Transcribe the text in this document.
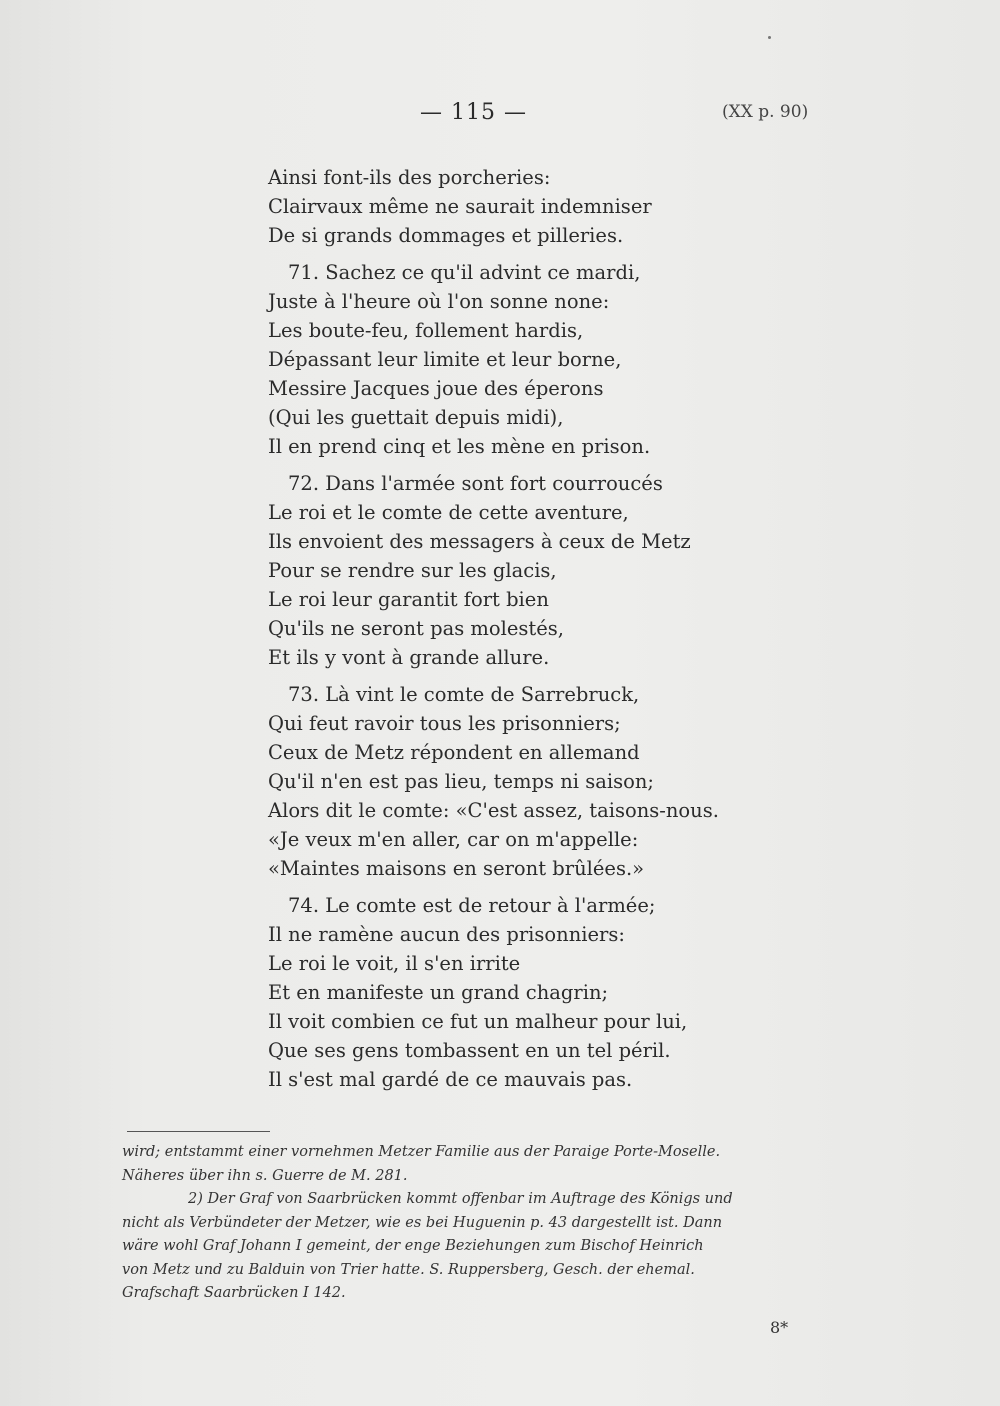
— 115 —	(XX p. 90)
Ainsi font-ils des porcheries:
Clairvaux même ne saurait indemniser
De si grands dommages et pilleries.
71. Sachez ce qu'il advint ce mardi,
Juste à l'heure où l'on sonne none:
Les boute-feu, follement hardis,
Dépassant leur limite et leur borne,
Messire Jacques joue des éperons
(Qui les guettait depuis midi),
Il en prend cinq et les mène en prison.
72. Dans l'armée sont fort courroucés
Le roi et le comte de cette aventure,
Ils envoient des messagers à ceux de Metz
Pour se rendre sur les glacis,
Le roi leur garantit fort bien
Qu'ils ne seront pas molestés,
Et ils y vont à grande allure.
73. Là vint le comte de Sarrebruck,
Qui feut ravoir tous les prisonniers;
Ceux de Metz répondent en allemand
Qu'il n'en est pas lieu, temps ni saison;
Alors dit le comte: «C'est assez, taisons-nous.
«Je veux m'en aller, car on m'appelle:
«Maintes maisons en seront brûlées.»
74. Le comte est de retour à l'armée;
Il ne ramène aucun des prisonniers:
Le roi le voit, il s'en irrite
Et en manifeste un grand chagrin;
Il voit combien ce fut un malheur pour lui,
Que ses gens tombassent en un tel péril.
Il s'est mal gardé de ce mauvais pas.
wird; entstammt einer vornehmen Metzer Familie aus der Paraige Porte-Moselle.
Näheres über ihn s. Guerre de M. 281.
2) Der Graf von Saarbrücken kommt offenbar im Auftrage des Königs und
nicht als Verbündeter der Metzer, wie es bei Huguenin p. 43 dargestellt ist. Dann
wäre wohl Graf Johann I gemeint, der enge Beziehungen zum Bischof Heinrich
von Metz und zu Balduin von Trier hatte. S. Ruppersberg, Gesch. der ehemal.
Grafschaft Saarbrücken I 142.
8*
